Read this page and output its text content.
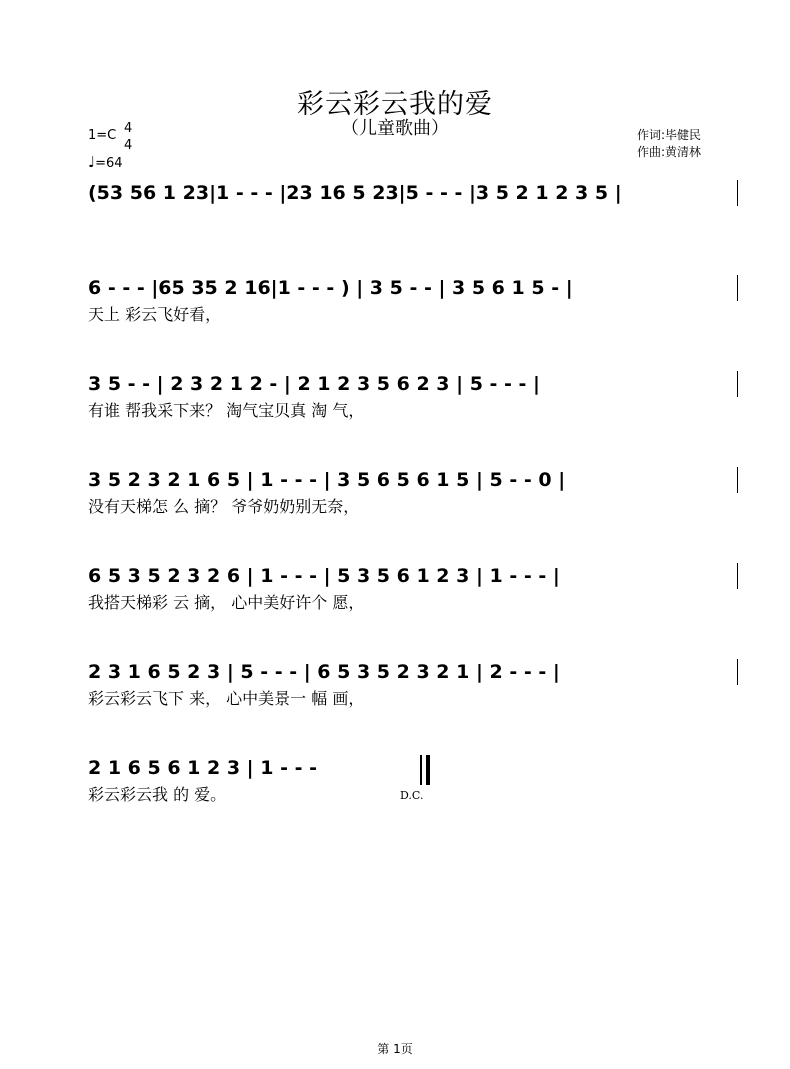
彩云彩云我的爱
（儿童歌曲）
1=C 4
4
♩=64
作词:毕健民
作曲:黄清林
(53 56 1 23|1 - - - |23 16 5 23|5 - - - |3 5 2 1 2 3 5 |
6 - - - |65 35 2 16|1 - - - ) | 3 5 - - | 3 5 6 1 5 - |
天上 彩云飞好看，
3 5 - - | 2 3 2 1 2 - | 2 1 2 3 5 6 2 3 | 5 - - - |
有谁 帮我采下来？ 淘气宝贝真 淘 气，
3 5 2 3 2 1 6 5 | 1 - - - | 3 5 6 5 6 1 5 | 5 - - 0 |
没有天梯怎 么 摘？ 爷爷奶奶别无奈，
6 5 3 5 2 3 2 6 | 1 - - - | 5 3 5 6 1 2 3 | 1 - - - |
我搭天梯彩 云 摘， 心中美好许个 愿，
2 3 1 6 5 2 3 | 5 - - - | 6 5 3 5 2 3 2 1 | 2 - - - |
彩云彩云飞下 来， 心中美景一 幅 画，
2 1 6 5 6 1 2 3 | 1 - - -
彩云彩云我 的 爱。	D.C.
第 1页
